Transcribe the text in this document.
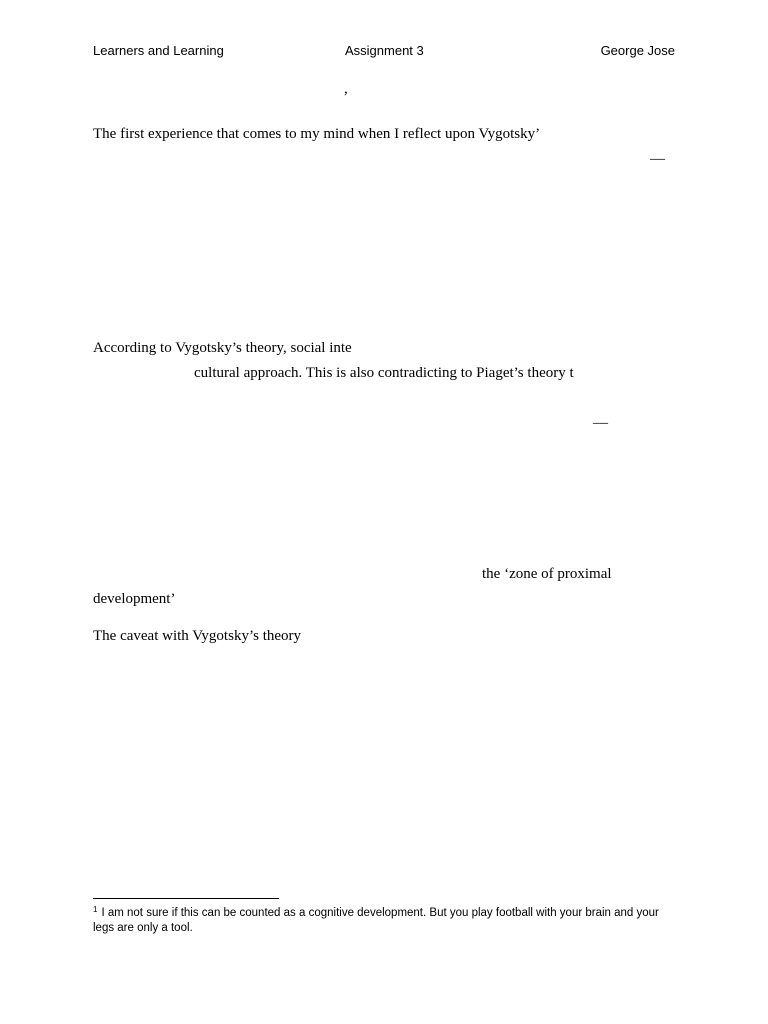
Learners and Learning	Assignment 3	George Jose
,
The first experience that comes to my mind when I reflect upon Vygotsky’
—
According to Vygotsky’s theory, social inte
cultural approach. This is also contradicting to Piaget’s theory t
—
the ‘zone of proximal
development’
The caveat with Vygotsky’s theory
$^1$ I am not sure if this can be counted as a cognitive development. But you play football with your brain and your legs are only a tool.
